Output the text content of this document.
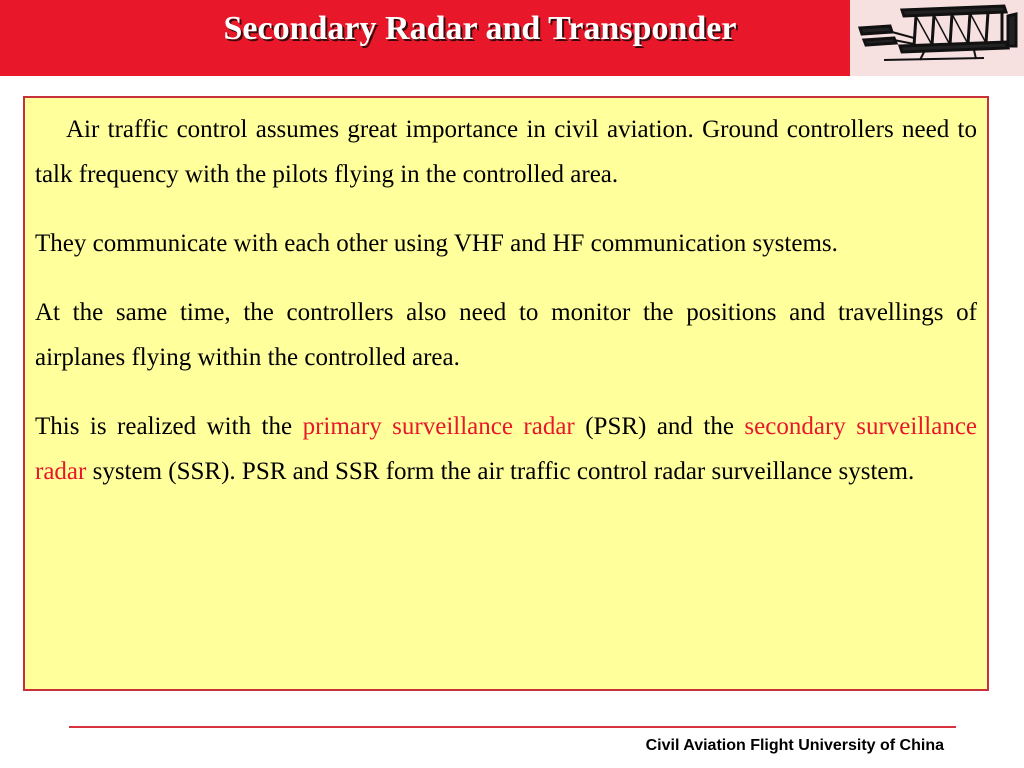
Secondary Radar and Transponder

Air traffic control assumes great importance in civil aviation. Ground controllers need to talk frequency with the pilots flying in the controlled area.

They communicate with each other using VHF and HF communication systems.

At the same time, the controllers also need to monitor the positions and travellings of airplanes flying within the controlled area.

This is realized with the primary surveillance radar (PSR) and the secondary surveillance radar system (SSR). PSR and SSR form the air traffic control radar surveillance system.

Civil Aviation Flight University of China
